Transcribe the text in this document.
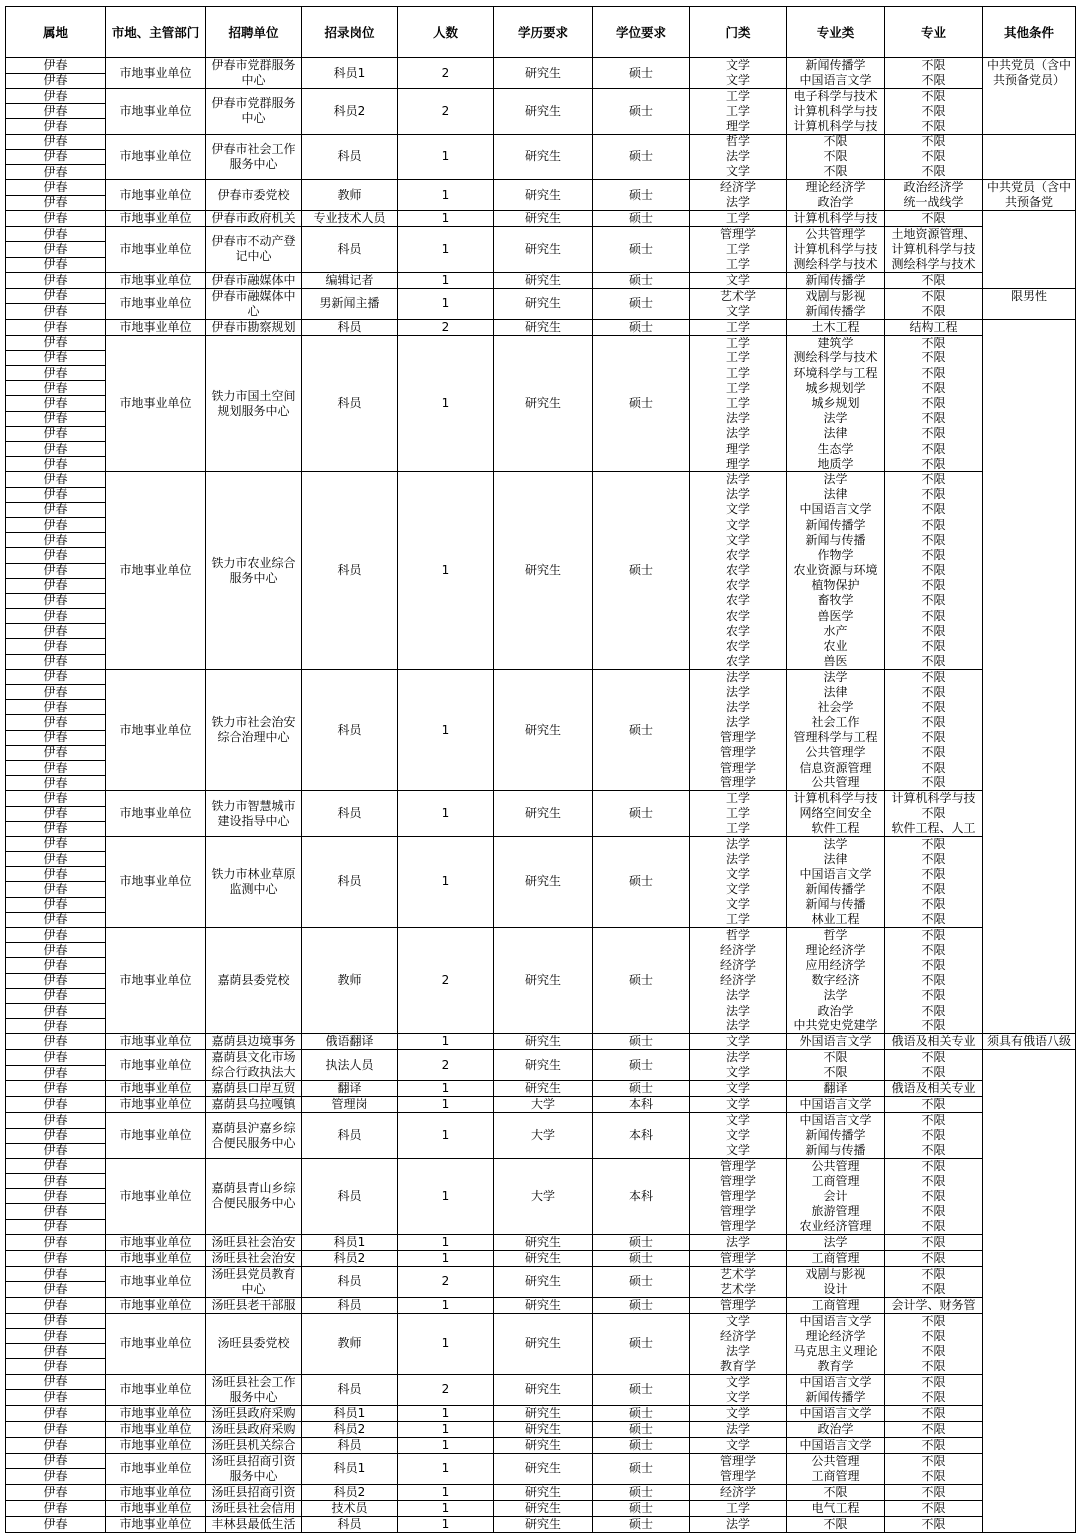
属地	市地、主管部门	招聘单位	招录岗位	人数	学历要求	学位要求	门类	专业类	专业	其他条件
伊春	市地事业单位	伊春市党群服务中心	科员1	2	研究生	硕士	文学	新闻传播学	不限	中共党员（含中共预备党员）
伊春							文学	中国语言文学	不限	
伊春	市地事业单位	伊春市党群服务中心	科员2	2	研究生	硕士	工学	电子科学与技术	不限	
伊春							工学	计算机科学与技	不限	
伊春							理学	计算机科学与技	不限	
伊春	市地事业单位	伊春市社会工作服务中心	科员	1	研究生	硕士	哲学	不限	不限	
伊春							法学	不限	不限	
伊春							文学	不限	不限	
伊春	市地事业单位	伊春市委党校	教师	1	研究生	硕士	经济学	理论经济学	政治经济学	中共党员（含中共预备党
伊春							法学	政治学	统一战线学	
伊春	市地事业单位	伊春市政府机关	专业技术人员	1	研究生	硕士	工学	计算机科学与技	不限	
伊春	市地事业单位	伊春市不动产登记中心	科员	1	研究生	硕士	管理学	公共管理学	土地资源管理、	
伊春							工学	计算机科学与技	计算机科学与技	
伊春							工学	测绘科学与技术	测绘科学与技术	
伊春	市地事业单位	伊春市融媒体中	编辑记者	1	研究生	硕士	文学	新闻传播学	不限	
伊春	市地事业单位	伊春市融媒体中心	男新闻主播	1	研究生	硕士	艺术学	戏剧与影视	不限	限男性
伊春							文学	新闻传播学	不限	
伊春	市地事业单位	伊春市勘察规划	科员	2	研究生	硕士	工学	土木工程	结构工程	
伊春	市地事业单位	铁力市国土空间规划服务中心	科员	1	研究生	硕士	工学	建筑学	不限	
伊春							工学	测绘科学与技术	不限	
伊春							工学	环境科学与工程	不限	
伊春							工学	城乡规划学	不限	
伊春							工学	城乡规划	不限	
伊春							法学	法学	不限	
伊春							法学	法律	不限	
伊春							理学	生态学	不限	
伊春							理学	地质学	不限	
伊春	市地事业单位	铁力市农业综合服务中心	科员	1	研究生	硕士	法学	法学	不限	
伊春							法学	法律	不限	
伊春							文学	中国语言文学	不限	
伊春							文学	新闻传播学	不限	
伊春							文学	新闻与传播	不限	
伊春							农学	作物学	不限	
伊春							农学	农业资源与环境	不限	
伊春							农学	植物保护	不限	
伊春							农学	畜牧学	不限	
伊春							农学	兽医学	不限	
伊春							农学	水产	不限	
伊春							农学	农业	不限	
伊春							农学	兽医	不限	
伊春	市地事业单位	铁力市社会治安综合治理中心	科员	1	研究生	硕士	法学	法学	不限	
伊春							法学	法律	不限	
伊春							法学	社会学	不限	
伊春							法学	社会工作	不限	
伊春							管理学	管理科学与工程	不限	
伊春							管理学	公共管理学	不限	
伊春							管理学	信息资源管理	不限	
伊春							管理学	公共管理	不限	
伊春	市地事业单位	铁力市智慧城市建设指导中心	科员	1	研究生	硕士	工学	计算机科学与技	计算机科学与技	
伊春							工学	网络空间安全	不限	
伊春							工学	软件工程	软件工程、人工	
伊春	市地事业单位	铁力市林业草原监测中心	科员	1	研究生	硕士	法学	法学	不限	
伊春							法学	法律	不限	
伊春							文学	中国语言文学	不限	
伊春							文学	新闻传播学	不限	
伊春							文学	新闻与传播	不限	
伊春							工学	林业工程	不限	
伊春	市地事业单位	嘉荫县委党校	教师	2	研究生	硕士	哲学	哲学	不限	
伊春							经济学	理论经济学	不限	
伊春							经济学	应用经济学	不限	
伊春							经济学	数字经济	不限	
伊春							法学	法学	不限	
伊春							法学	政治学	不限	
伊春							法学	中共党史党建学	不限	
伊春	市地事业单位	嘉荫县边境事务	俄语翻译	1	研究生	硕士	文学	外国语言文学	俄语及相关专业	须具有俄语八级
伊春	市地事业单位	嘉荫县文化市场综合行政执法大	执法人员	2	研究生	硕士	法学	不限	不限	
伊春							文学	不限	不限	
伊春	市地事业单位	嘉荫县口岸互贸	翻译	1	研究生	硕士	文学	翻译	俄语及相关专业	
伊春	市地事业单位	嘉荫县乌拉嘎镇	管理岗	1	大学	本科	文学	中国语言文学	不限	
伊春	市地事业单位	嘉荫县沪嘉乡综合便民服务中心	科员	1	大学	本科	文学	中国语言文学	不限	
伊春							文学	新闻传播学	不限	
伊春							文学	新闻与传播	不限	
伊春	市地事业单位	嘉荫县青山乡综合便民服务中心	科员	1	大学	本科	管理学	公共管理	不限	
伊春							管理学	工商管理	不限	
伊春							管理学	会计	不限	
伊春							管理学	旅游管理	不限	
伊春							管理学	农业经济管理	不限	
伊春	市地事业单位	汤旺县社会治安	科员1	1	研究生	硕士	法学	法学	不限	
伊春	市地事业单位	汤旺县社会治安	科员2	1	研究生	硕士	管理学	工商管理	不限	
伊春	市地事业单位	汤旺县党员教育中心	科员	2	研究生	硕士	艺术学	戏剧与影视	不限	
伊春							艺术学	设计	不限	
伊春	市地事业单位	汤旺县老干部服	科员	1	研究生	硕士	管理学	工商管理	会计学、财务管	
伊春	市地事业单位	汤旺县委党校	教师	1	研究生	硕士	文学	中国语言文学	不限	
伊春							经济学	理论经济学	不限	
伊春							法学	马克思主义理论	不限	
伊春							教育学	教育学	不限	
伊春	市地事业单位	汤旺县社会工作服务中心	科员	2	研究生	硕士	文学	中国语言文学	不限	
伊春							文学	新闻传播学	不限	
伊春	市地事业单位	汤旺县政府采购	科员1	1	研究生	硕士	文学	中国语言文学	不限	
伊春	市地事业单位	汤旺县政府采购	科员2	1	研究生	硕士	法学	政治学	不限	
伊春	市地事业单位	汤旺县机关综合	科员	1	研究生	硕士	文学	中国语言文学	不限	
伊春	市地事业单位	汤旺县招商引资服务中心	科员1	1	研究生	硕士	管理学	公共管理	不限	
伊春							管理学	工商管理	不限	
伊春	市地事业单位	汤旺县招商引资	科员2	1	研究生	硕士	经济学	不限	不限	
伊春	市地事业单位	汤旺县社会信用	技术员	1	研究生	硕士	工学	电气工程	不限	
伊春	市地事业单位	丰林县最低生活	科员	1	研究生	硕士	法学	不限	不限	
